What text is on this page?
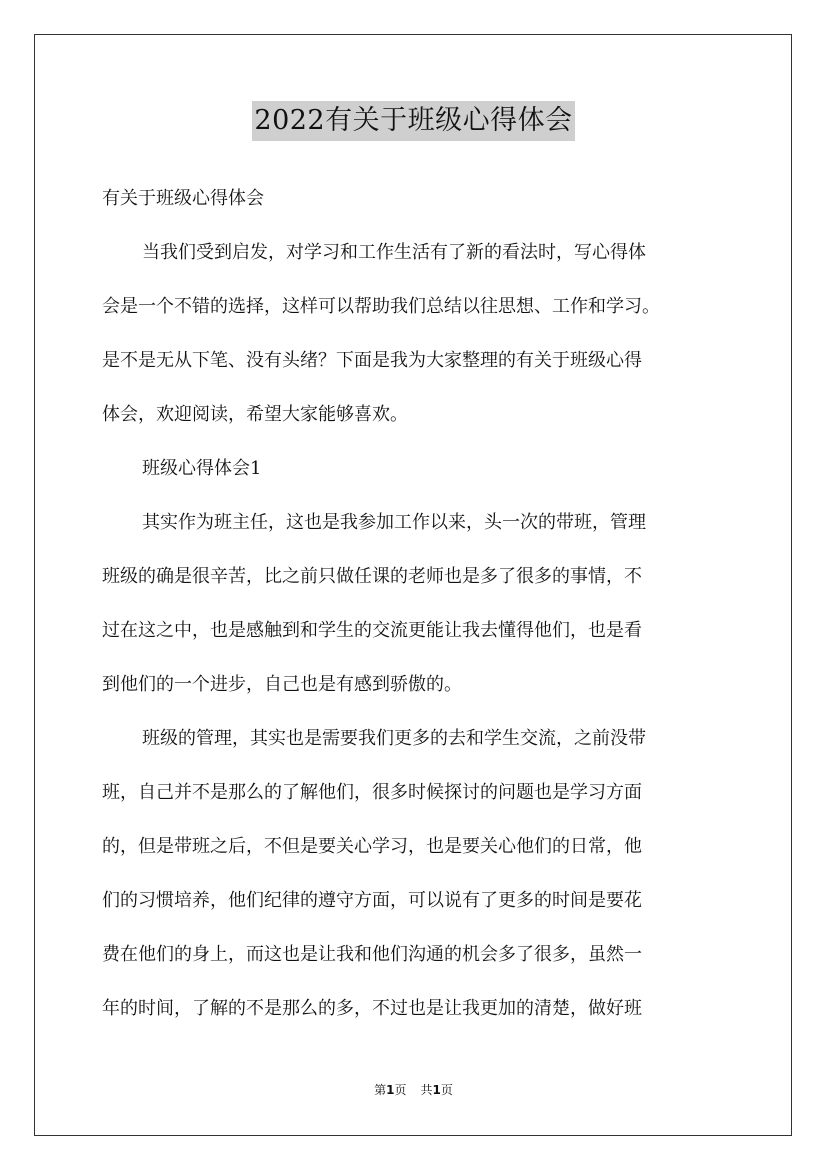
2022有关于班级心得体会
有关于班级心得体会
当我们受到启发，对学习和工作生活有了新的看法时，写心得体
会是一个不错的选择，这样可以帮助我们总结以往思想、工作和学习。
是不是无从下笔、没有头绪？下面是我为大家整理的有关于班级心得
体会，欢迎阅读，希望大家能够喜欢。
班级心得体会1
其实作为班主任，这也是我参加工作以来，头一次的带班，管理
班级的确是很辛苦，比之前只做任课的老师也是多了很多的事情，不
过在这之中，也是感触到和学生的交流更能让我去懂得他们，也是看
到他们的一个进步，自己也是有感到骄傲的。
班级的管理，其实也是需要我们更多的去和学生交流，之前没带
班，自己并不是那么的了解他们，很多时候探讨的问题也是学习方面
的，但是带班之后，不但是要关心学习，也是要关心他们的日常，他
们的习惯培养，他们纪律的遵守方面，可以说有了更多的时间是要花
费在他们的身上，而这也是让我和他们沟通的机会多了很多，虽然一
年的时间，了解的不是那么的多，不过也是让我更加的清楚，做好班
第1页 共1页
